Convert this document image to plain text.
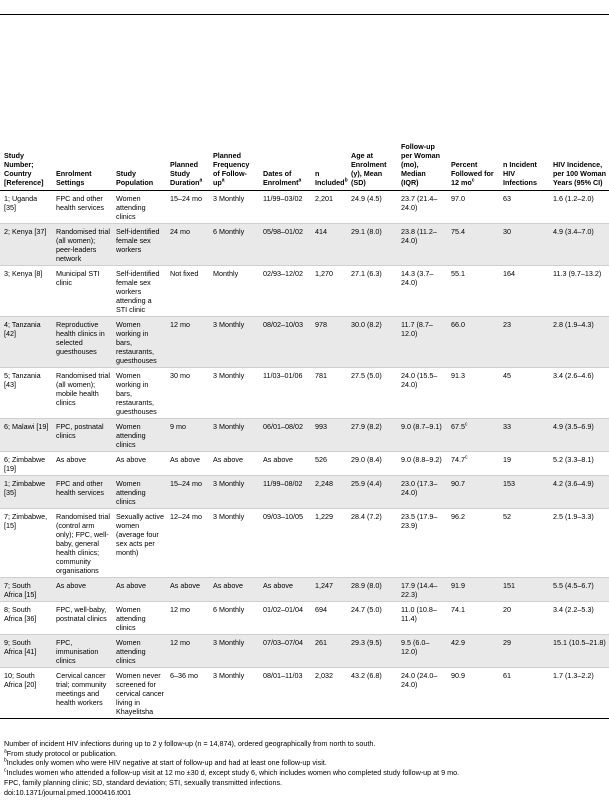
Study Number; Country [Reference]	Enrolment Settings	Study Population	Planned Study Duration$^a$	Planned Frequency of Follow-$up^a$	Dates of Enrolment$^a$	n Included$^b$	Age at Enrolment (y), Mean (SD)	Follow-up per Woman (mo), Median (IQR)	Percent Followed for 12 $mo^c$	n Incident HIV Infections	HIV Incidence, per 100 Woman Years (95% CI)
1; Uganda [35]	FPC and other health services	Women attending clinics	15–24 mo	3 Monthly	11/99–03/02	2,201	24.9 (4.5)	23.7 (21.4–24.0)	97.0	63	1.6 (1.2–2.0)
2; Kenya [37]	Randomised trial (all women); peer-leaders network	Self-identified female sex workers	24 mo	6 Monthly	05/98–01/02	414	29.1 (8.0)	23.8 (11.2–24.0)	75.4	30	4.9 (3.4–7.0)
3; Kenya [8]	Municipal STI clinic	Self-identified female sex workers attending a STI clinic	Not fixed	Monthly	02/93–12/02	1,270	27.1 (6.3)	14.3 (3.7–24.0)	55.1	164	11.3 (9.7–13.2)
4; Tanzania [42]	Reproductive health clinics in selected guesthouses	Women working in bars, restaurants, guesthouses	12 mo	3 Monthly	08/02–10/03	978	30.0 (8.2)	11.7 (8.7–12.0)	66.0	23	2.8 (1.9–4.3)
5; Tanzania [43]	Randomised trial (all women); mobile health clinics	Women working in bars, restaurants, guesthouses	30 mo	3 Monthly	11/03–01/06	781	27.5 (5.0)	24.0 (15.5–24.0)	91.3	45	3.4 (2.6–4.6)
6; Malawi [19]	FPC, postnatal clinics	Women attending clinics	9 mo	3 Monthly	06/01–08/02	993	27.9 (8.2)	9.0 (8.7–9.1)	67.5$^c$	33	4.9 (3.5–6.9)
6; Zimbabwe [19]	As above	As above	As above	As above	As above	526	29.0 (8.4)	9.0 (8.8–9.2)	74.7$^c$	19	5.2 (3.3–8.1)
1; Zimbabwe [35]	FPC and other health services	Women attending clinics	15–24 mo	3 Monthly	11/99–08/02	2,248	25.9 (4.4)	23.0 (17.3–24.0)	90.7	153	4.2 (3.6–4.9)
7; Zimbabwe, [15]	Randomised trial (control arm only); FPC, well-baby, general health clinics; community organisations	Sexually active women (average four sex acts per month)	12–24 mo	3 Monthly	09/03–10/05	1,229	28.4 (7.2)	23.5 (17.9–23.9)	96.2	52	2.5 (1.9–3.3)
7; South Africa [15]	As above	As above	As above	As above	As above	1,247	28.9 (8.0)	17.9 (14.4–22.3)	91.9	151	5.5 (4.5–6.7)
8; South Africa [36]	FPC, well-baby, postnatal clinics	Women attending clinics	12 mo	6 Monthly	01/02–01/04	694	24.7 (5.0)	11.0 (10.8–11.4)	74.1	20	3.4 (2.2–5.3)
9; South Africa [41]	FPC, immunisation clinics	Women attending clinics	12 mo	3 Monthly	07/03–07/04	261	29.3 (9.5)	9.5 (6.0–12.0)	42.9	29	15.1 (10.5–21.8)
10; South Africa [20]	Cervical cancer trial; community meetings and health workers	Women never screened for cervical cancer living in Khayelitsha	6–36 mo	3 Monthly	08/01–11/03	2,032	43.2 (6.8)	24.0 (24.0–24.0)	90.9	61	1.7 (1.3–2.2)
Number of incident HIV infections during up to 2 y follow-up (n = 14,874), ordered geographically from north to south.
$^a$From study protocol or publication.
$^b$Includes only women who were HIV negative at start of follow-up and had at least one follow-up visit.
$^c$Includes women who attended a follow-up visit at 12 mo ±30 d, except study 6, which includes women who completed study follow-up at 9 mo.
FPC, family planning clinic; SD, standard deviation; STI, sexually transmitted infections.
doi:10.1371/journal.pmed.1000416.t001
